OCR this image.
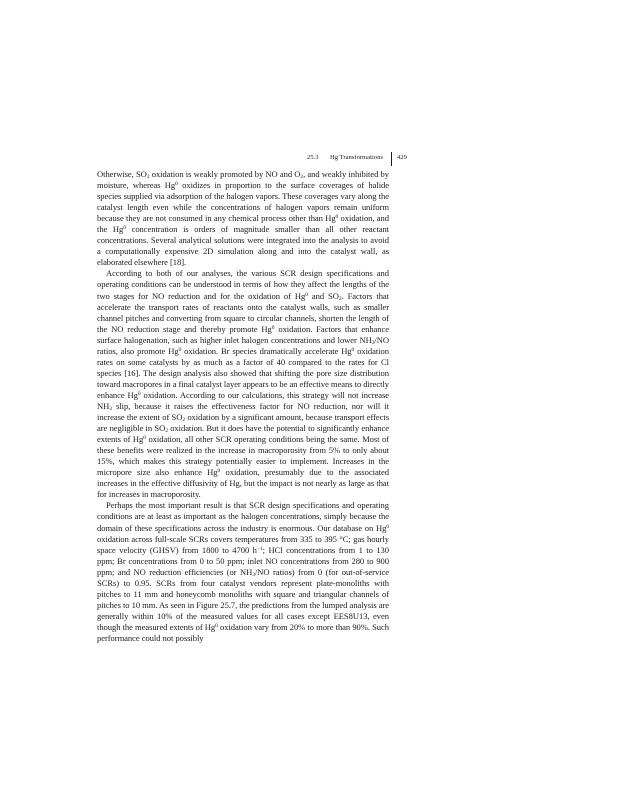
25.3 Hg Transformations 429

Otherwise, $SO_2$ oxidation is weakly promoted by NO and $O_2$, and weakly inhibited by moisture, whereas Hg$^0$ oxidizes in proportion to the surface coverages of halide species supplied via adsorption of the halogen vapors. These coverages vary along the catalyst length even while the concentrations of halogen vapors remain uniform because they are not consumed in any chemical process other than Hg$^0$ oxidation, and the Hg$^0$ concentration is orders of magnitude smaller than all other reactant concentrations. Several analytical solutions were integrated into the analysis to avoid a computationally expensive 2D simulation along and into the catalyst wall, as elaborated elsewhere [18].

According to both of our analyses, the various SCR design specifications and operating conditions can be understood in terms of how they affect the lengths of the two stages for NO reduction and for the oxidation of Hg$^0$ and $SO_2$. Factors that accelerate the transport rates of reactants onto the catalyst walls, such as smaller channel pitches and converting from square to circular channels, shorten the length of the NO reduction stage and thereby promote Hg$^0$ oxidation. Factors that enhance surface halogenation, such as higher inlet halogen concentrations and lower $NH_3/NO$ ratios, also promote Hg$^0$ oxidation. Br species dramatically accelerate Hg$^0$ oxidation rates on some catalysts by as much as a factor of 40 compared to the rates for Cl species [16]. The design analysis also showed that shifting the pore size distribution toward macropores in a final catalyst layer appears to be an effective means to directly enhance Hg$^0$ oxidation. According to our calculations, this strategy will not increase $NH_3$ slip, because it raises the effectiveness factor for NO reduction, nor will it increase the extent of $SO_2$ oxidation by a significant amount, because transport effects are negligible in $SO_2$ oxidation. But it does have the potential to significantly enhance extents of Hg$^0$ oxidation, all other SCR operating conditions being the same. Most of these benefits were realized in the increase in macroporosity from 5% to only about 15%, which makes this strategy potentially easier to implement. Increases in the micropore size also enhance Hg$^0$ oxidation, presumably due to the associated increases in the effective diffusivity of Hg, but the impact is not nearly as large as that for increases in macroporosity.

Perhaps the most important result is that SCR design specifications and operating conditions are at least as important as the halogen concentrations, simply because the domain of these specifications across the industry is enormous. Our database on Hg$^0$ oxidation across full-scale SCRs covers temperatures from 335 to 395 °C; gas hourly space velocity (GHSV) from 1800 to 4700 $h^{-1}$; HCl concentrations from 1 to 130 ppm; Br concentrations from 0 to 50 ppm; inlet NO concentrations from 280 to 900 ppm; and NO reduction efficiencies (or $NH_3/NO$ ratios) from 0 (for out-of-service SCRs) to 0.95. SCRs from four catalyst vendors represent plate-monoliths with pitches to 11 mm and honeycomb monoliths with square and triangular channels of pitches to 10 mm. As seen in Figure 25.7, the predictions from the lumped analysis are generally within 10% of the measured values for all cases except EES8U13, even though the measured extents of Hg$^0$ oxidation vary from 20% to more than 90%. Such performance could not possibly
